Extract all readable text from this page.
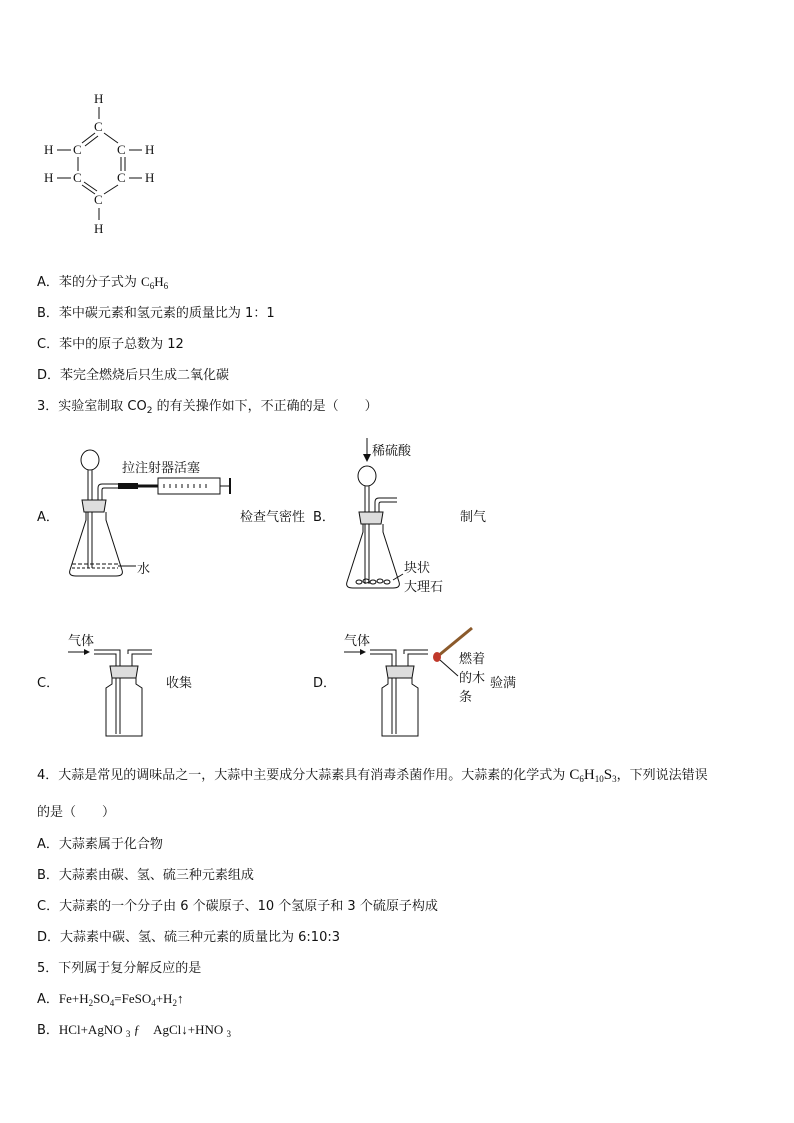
H
C
C	C
C	C
C
H
H	H
H	H
A．苯的分子式为 $C_6H_6$
B．苯中碳元素和氢元素的质量比为 1：1
C．苯中的原子总数为 12
D．苯完全燃烧后只生成二氧化碳
3．实验室制取 $CO_2$ 的有关操作如下，不正确的是（　　）
A．
拉注射器活塞
水
检查气密性 B．
稀硫酸
块状
大理石
制气
C．
气体
收集	D．
气体
燃着
的木
条
验满
4．大蒜是常见的调味品之一，大蒜中主要成分大蒜素具有消毒杀菌作用。大蒜素的化学式为 $C_6H_{10}S_3$，下列说法错误
的是（　　）
A．大蒜素属于化合物
B．大蒜素由碳、氢、硫三种元素组成
C．大蒜素的一个分子由 6 个碳原子、10 个氢原子和 3 个硫原子构成
D．大蒜素中碳、氢、硫三种元素的质量比为 6:10:3
5．下列属于复分解反应的是
A．$Fe+H_2SO_4=FeSO_4+H_2↑$
B．HCl+AgNO $_3$ ƒ　AgCl↓+HNO $_3$
